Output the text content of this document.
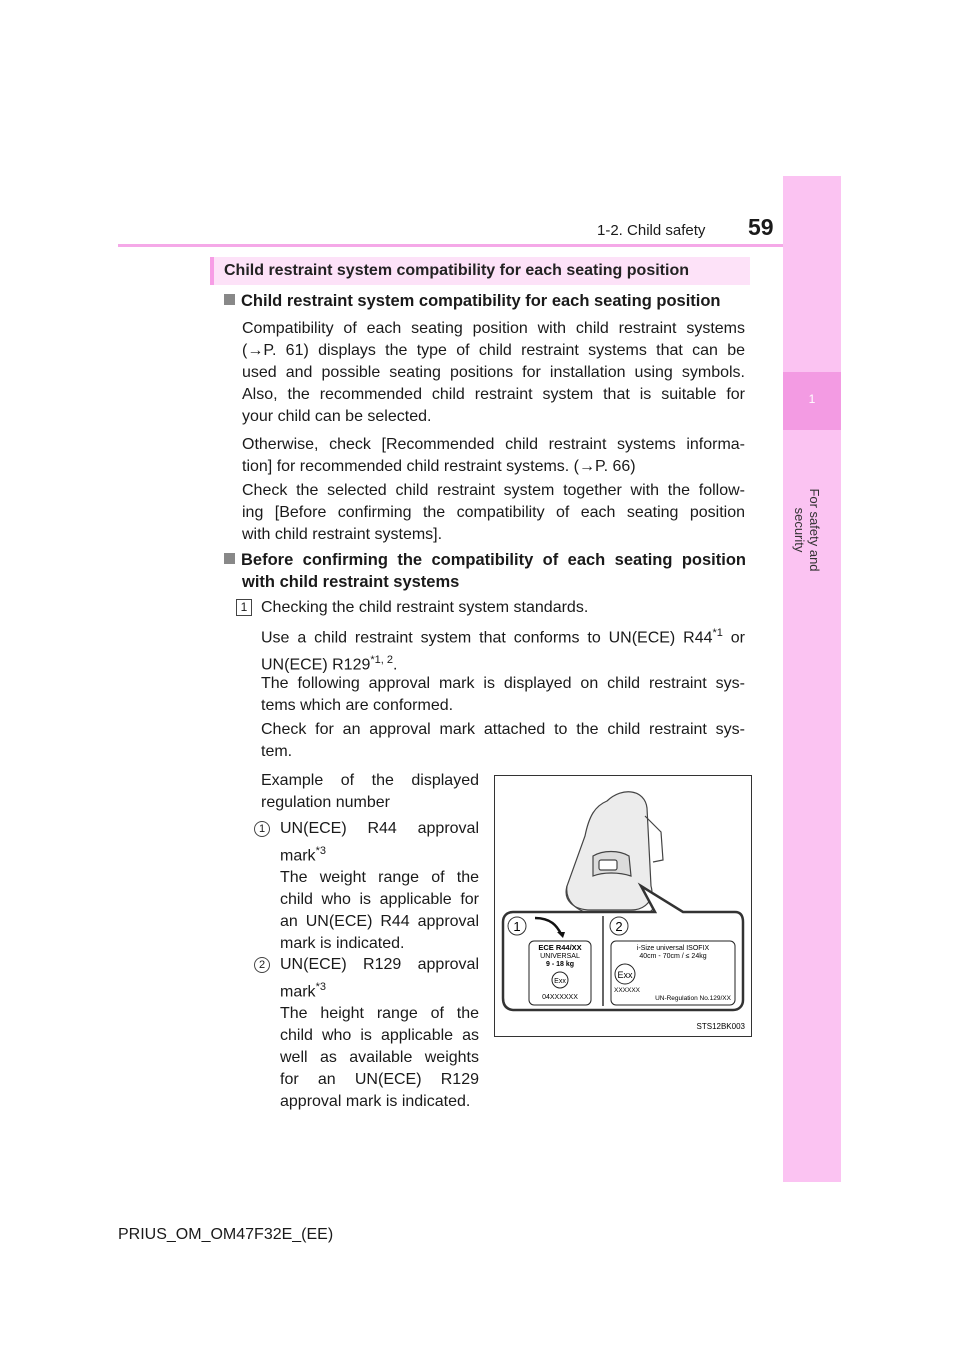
59
1-2. Child safety
1
For safety and security
Child restraint system compatibility for each seating position
Child restraint system compatibility for each seating position
Compatibility of each seating position with child restraint systems
(→P. 61) displays the type of child restraint systems that can be
used and possible seating positions for installation using symbols.
Also, the recommended child restraint system that is suitable for
your child can be selected.
Otherwise, check [Recommended child restraint systems informa-
tion] for recommended child restraint systems. (→P. 66)
Check the selected child restraint system together with the follow-
ing [Before confirming the compatibility of each seating position
with child restraint systems].
Before confirming the compatibility of each seating position
with child restraint systems
1 Checking the child restraint system standards.
Use a child restraint system that conforms to UN(ECE) R44$^{*1}$ or
UN(ECE) R129$^{*1, 2}$.
The following approval mark is displayed on child restraint sys-
tems which are conformed.
Check for an approval mark attached to the child restraint sys-
tem.
Example of the displayed
regulation number
1 UN(ECE) R44 approval
mark$^{*3}$
The weight range of the
child who is applicable for
an UN(ECE) R44 approval
mark is indicated.
2 UN(ECE) R129 approval
mark$^{*3}$
The height range of the
child who is applicable as
well as available weights
for an UN(ECE) R129
approval mark is indicated.
1	2
ECE R44/XX
UNIVERSAL
9 - 18 kg
Exx
04XXXXXX
i-Size universal ISOFIX
40cm - 70cm / ≤ 24kg
Exx
XXXXXX
UN-Regulation No.129/XX
STS12BK003
PRIUS_OM_OM47F32E_(EE)
